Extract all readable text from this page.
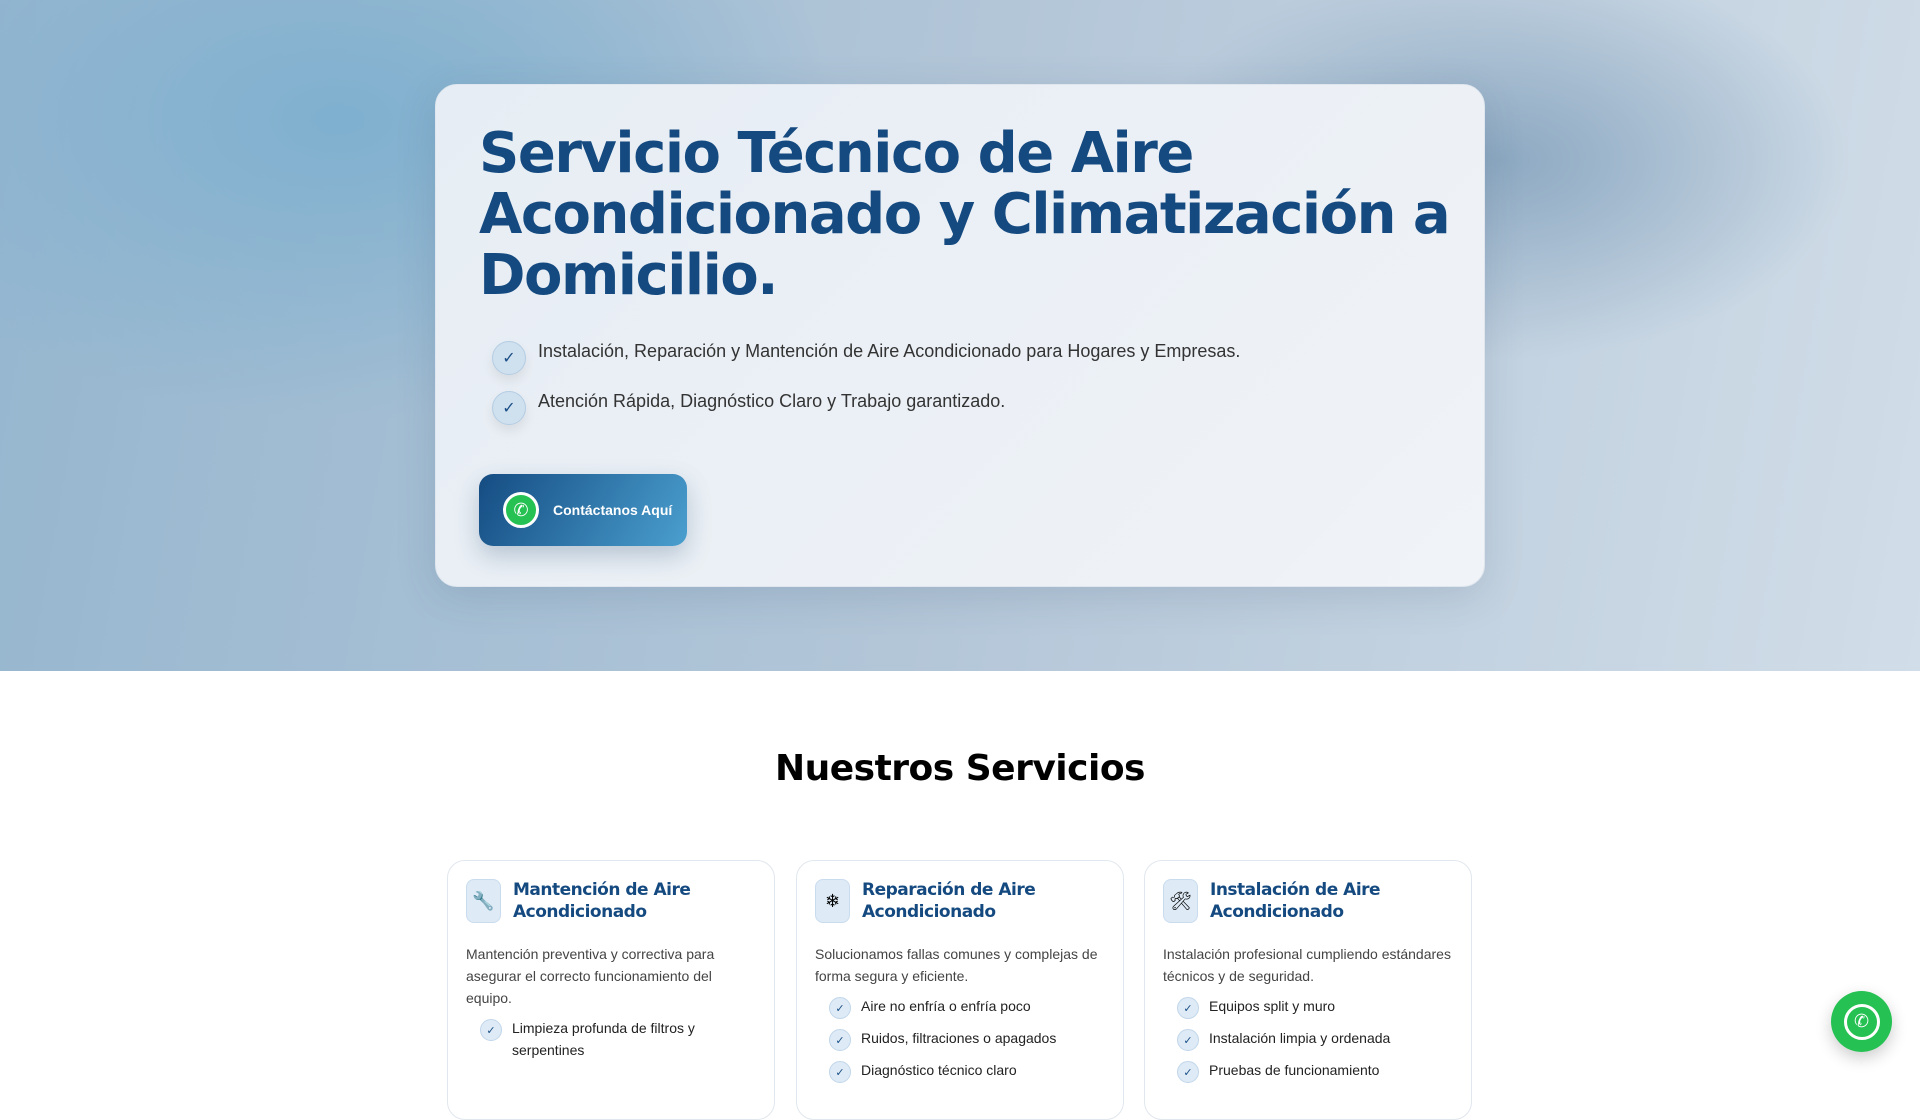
Servicio Técnico de Aire Acondicionado y Climatización a Domicilio.
✓	Instalación, Reparación y Mantención de Aire Acondicionado para Hogares y Empresas.
✓	Atención Rápida, Diagnóstico Claro y Trabajo garantizado.
✆	Contáctanos Aquí
Nuestros Servicios
🔧
Mantención de Aire Acondicionado

Mantención preventiva y correctiva para asegurar el correcto funcionamiento del equipo.

✓	Limpieza profunda de filtros y serpentines
❄
Reparación de Aire Acondicionado

Solucionamos fallas comunes y complejas de forma segura y eficiente.

✓	Aire no enfría o enfría poco
✓	Ruidos, filtraciones o apagados
✓	Diagnóstico técnico claro
🛠
Instalación de Aire Acondicionado

Instalación profesional cumpliendo estándares técnicos y de seguridad.

✓	Equipos split y muro
✓	Instalación limpia y ordenada
✓	Pruebas de funcionamiento
✆
